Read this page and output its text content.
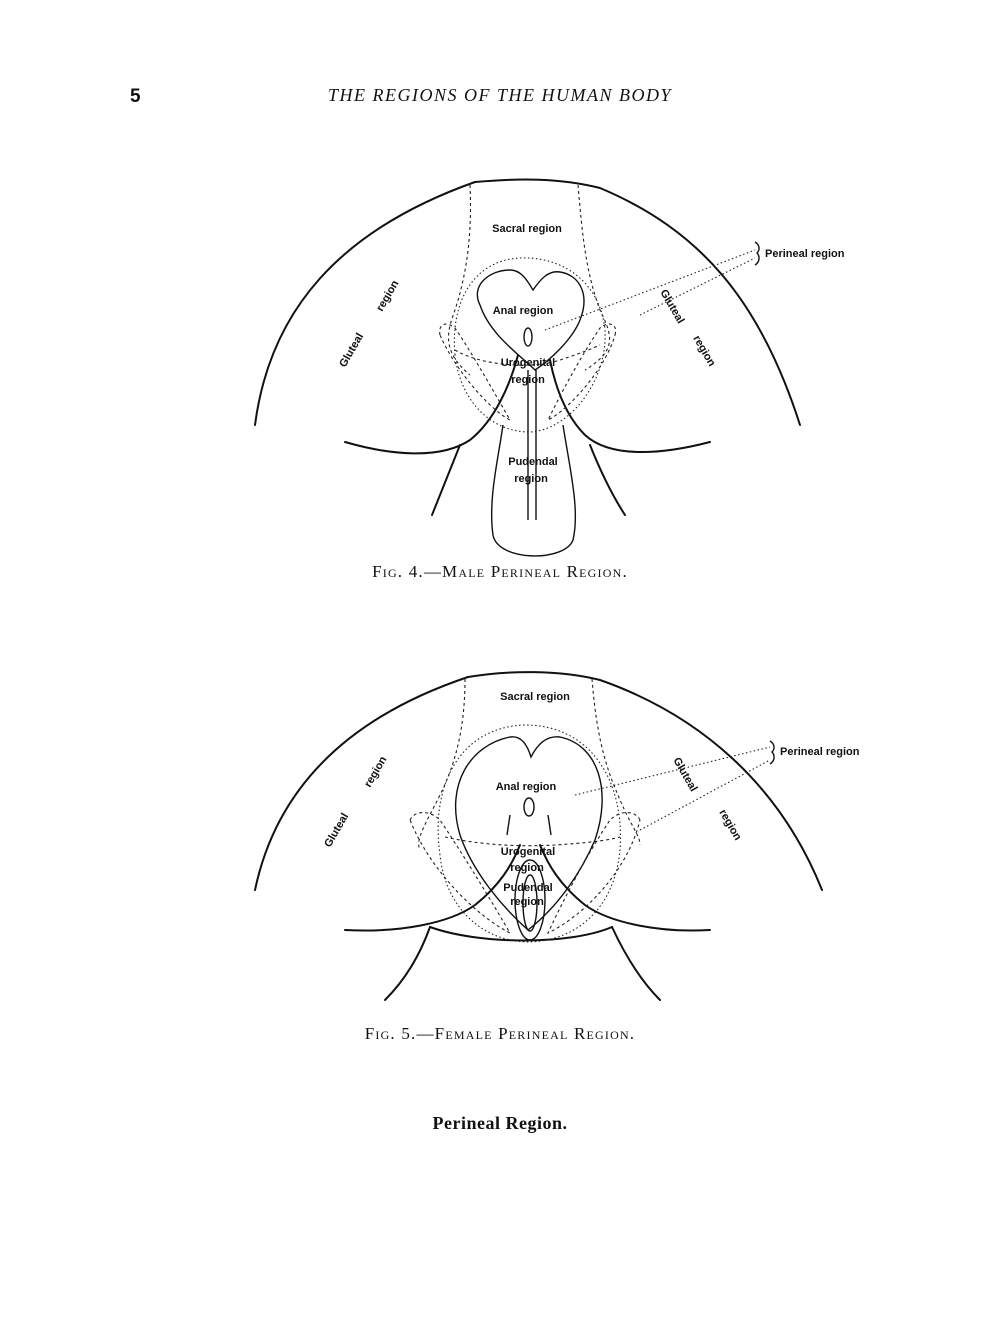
5	THE REGIONS OF THE HUMAN BODY
Sacral region
Perineal region
Anal region
Urogenital
region
Pudendal
region
Gluteal
region	Gluteal
region
Fig. 4.—Male Perineal Region.
Sacral region
Perineal region
Anal region
Urogenital
region
Pudendal
region
Gluteal
region	Gluteal
region
Fig. 5.—Female Perineal Region.
Perineal Region.
